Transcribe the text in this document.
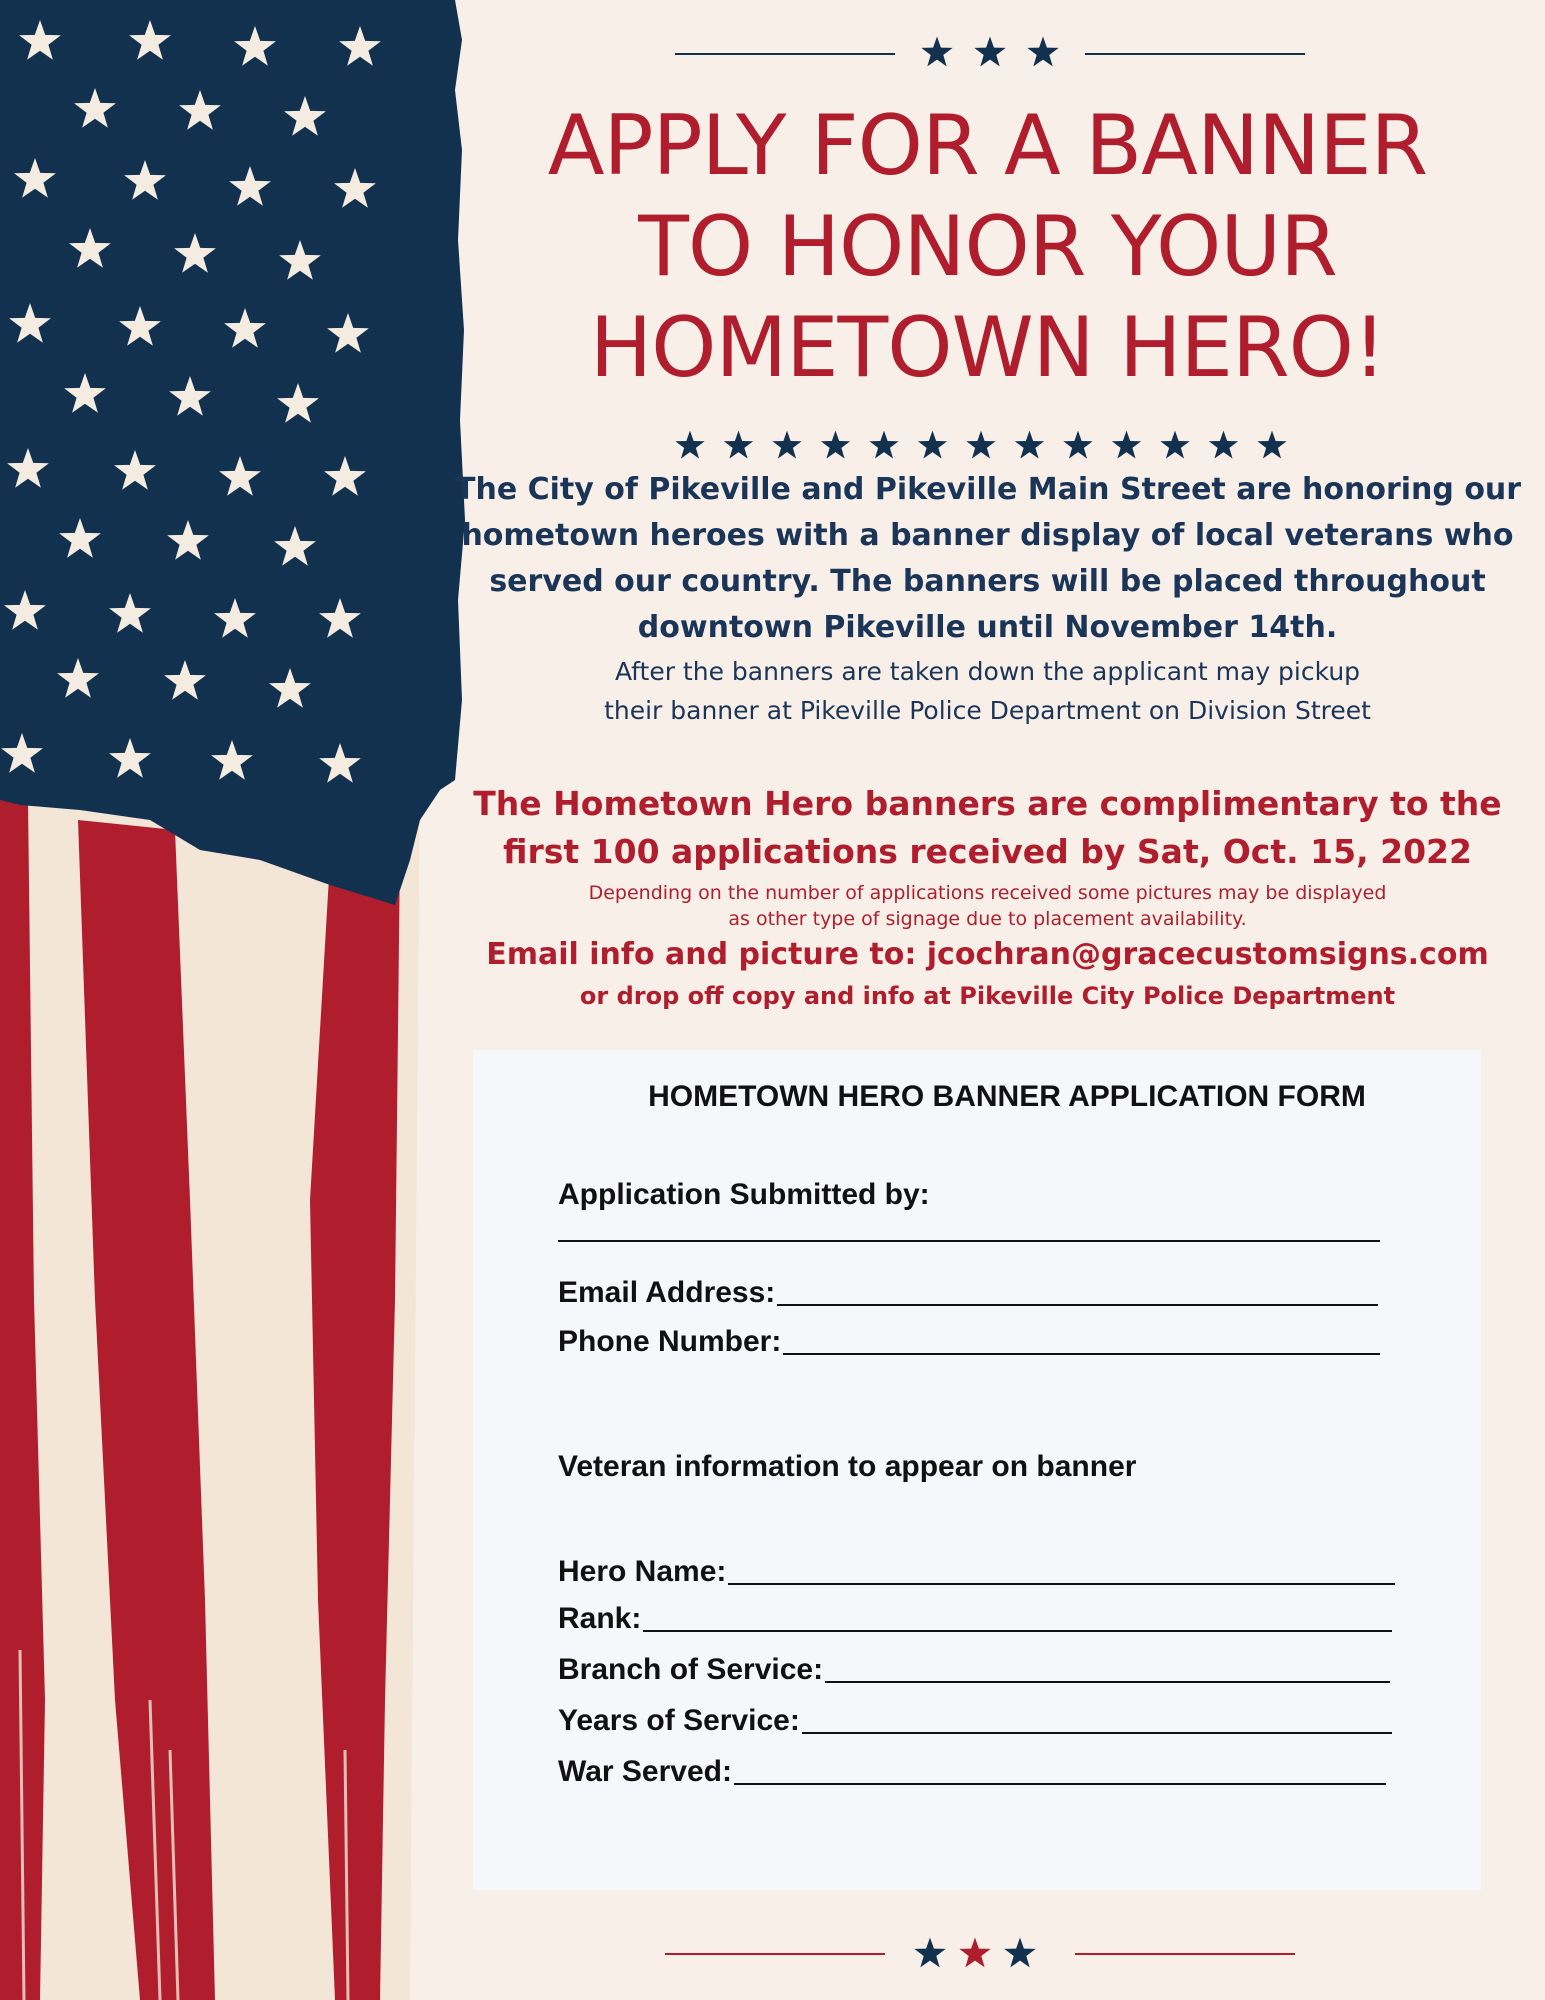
APPLY FOR A BANNER
TO HONOR YOUR
HOMETOWN HERO!
The City of Pikeville and Pikeville Main Street are honoring our
hometown heroes with a banner display of local veterans who
served our country. The banners will be placed throughout
downtown Pikeville until November 14th.
After the banners are taken down the applicant may pickup
their banner at Pikeville Police Department on Division Street
The Hometown Hero banners are complimentary to the
first 100 applications received by Sat, Oct. 15, 2022
Depending on the number of applications received some pictures may be displayed
as other type of signage due to placement availability.
Email info and picture to: jcochran@gracecustomsigns.com
or drop off copy and info at Pikeville City Police Department
HOMETOWN HERO BANNER APPLICATION FORM
Application Submitted by:
Email Address:
Phone Number:
Veteran information to appear on banner
Hero Name:
Rank:
Branch of Service:
Years of Service:
War Served:
